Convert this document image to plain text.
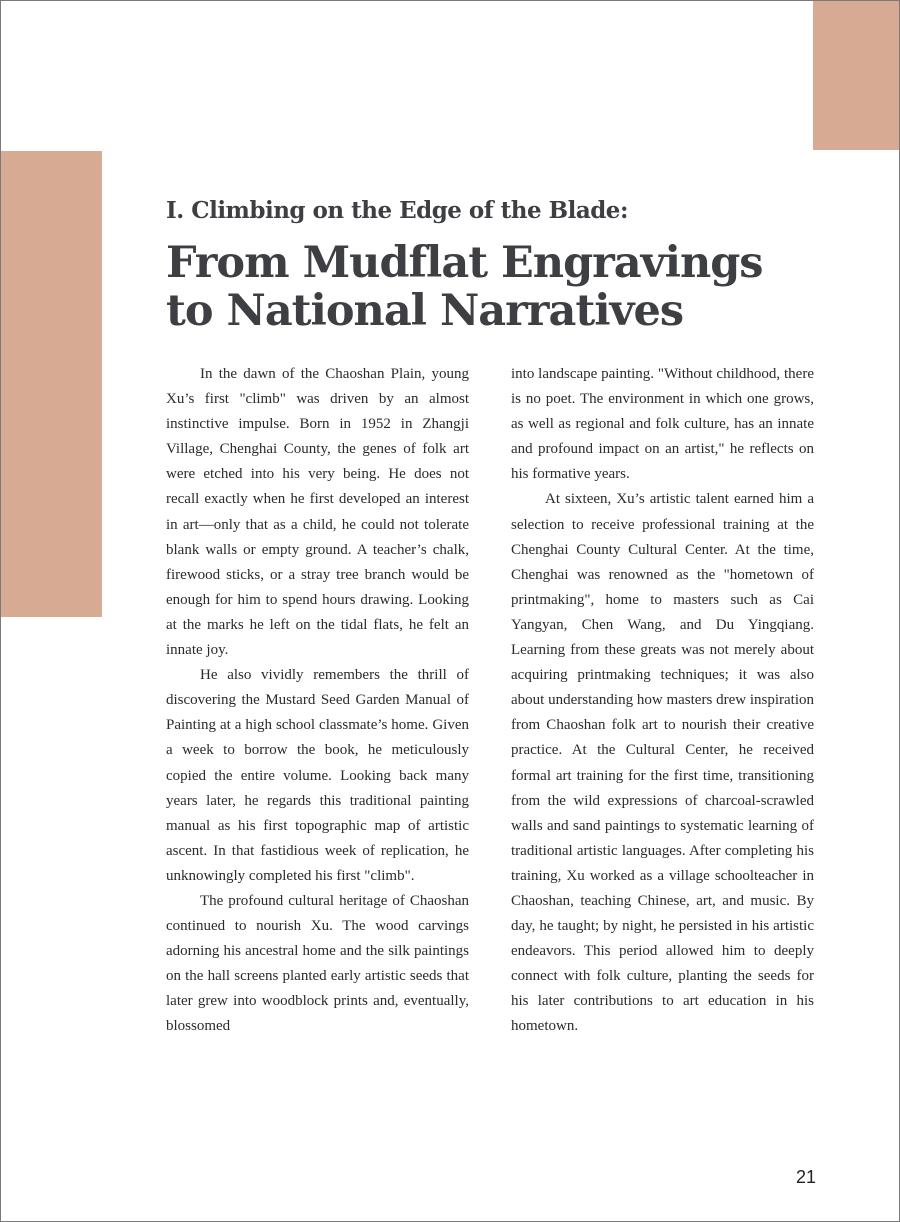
I. Climbing on the Edge of the Blade:
From Mudflat Engravings
to National Narratives

In the dawn of the Chaoshan Plain, young Xu’s first "climb" was driven by an almost instinctive impulse. Born in 1952 in Zhangji Village, Chenghai County, the genes of folk art were etched into his very being. He does not recall exactly when he first developed an interest in art—only that as a child, he could not tolerate blank walls or empty ground. A teacher’s chalk, firewood sticks, or a stray tree branch would be enough for him to spend hours drawing. Looking at the marks he left on the tidal flats, he felt an innate joy.

He also vividly remembers the thrill of discovering the Mustard Seed Garden Manual of Painting at a high school classmate’s home. Given a week to borrow the book, he meticulously copied the entire volume. Looking back many years later, he regards this traditional painting manual as his first topographic map of artistic ascent. In that fastidious week of replication, he unknowingly completed his first "climb".

The profound cultural heritage of Chaoshan continued to nourish Xu. The wood carvings adorning his ancestral home and the silk paintings on the hall screens planted early artistic seeds that later grew into woodblock prints and, eventually, blossomed

into landscape painting. "Without childhood, there is no poet. The environment in which one grows, as well as regional and folk culture, has an innate and profound impact on an artist," he reflects on his formative years.

At sixteen, Xu’s artistic talent earned him a selection to receive professional training at the Chenghai County Cultural Center. At the time, Chenghai was renowned as the "hometown of printmaking", home to masters such as Cai Yangyan, Chen Wang, and Du Yingqiang. Learning from these greats was not merely about acquiring printmaking techniques; it was also about understanding how masters drew inspiration from Chaoshan folk art to nourish their creative practice. At the Cultural Center, he received formal art training for the first time, transitioning from the wild expressions of charcoal-scrawled walls and sand paintings to systematic learning of traditional artistic languages. After completing his training, Xu worked as a village schoolteacher in Chaoshan, teaching Chinese, art, and music. By day, he taught; by night, he persisted in his artistic endeavors. This period allowed him to deeply connect with folk culture, planting the seeds for his later contributions to art education in his hometown.

21
